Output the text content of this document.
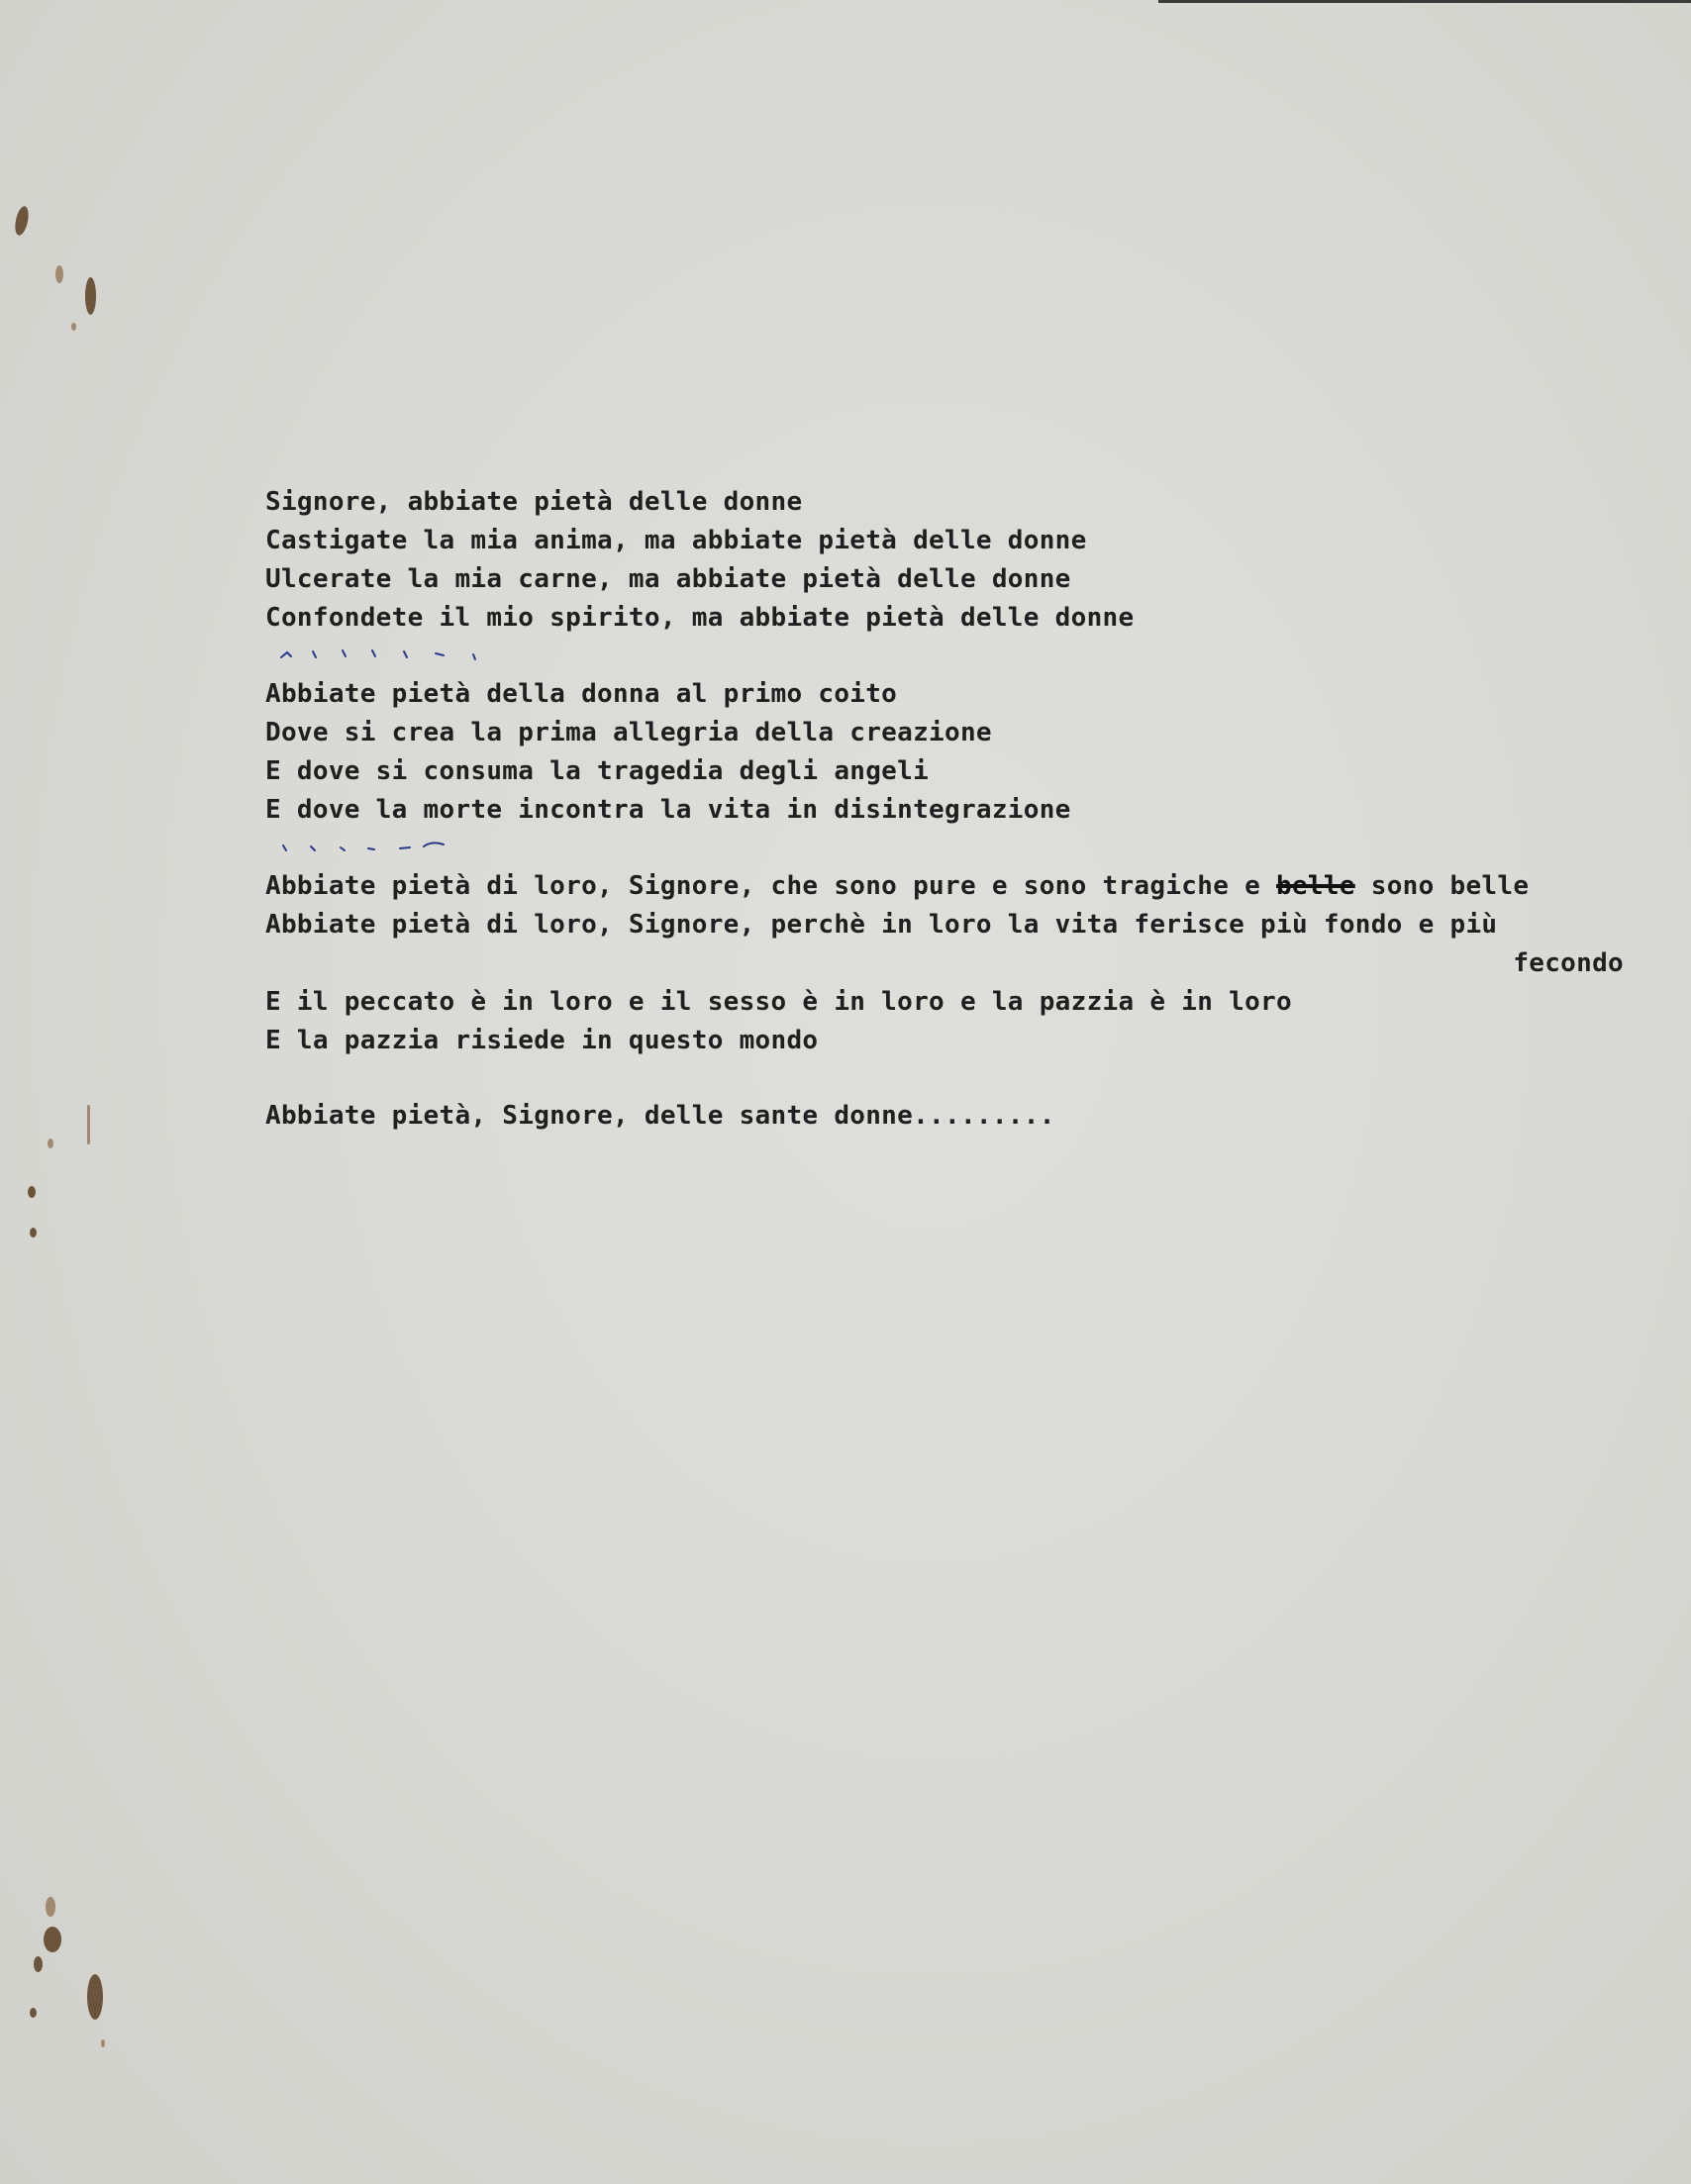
Signore, abbiate pietà delle donne
Castigate la mia anima, ma abbiate pietà delle donne
Ulcerate la mia carne, ma abbiate pietà delle donne
Confondete il mio spirito, ma abbiate pietà delle donne
Abbiate pietà della donna al primo coito
Dove si crea la prima allegria della creazione
E dove si consuma la tragedia degli angeli
E dove la morte incontra la vita in disintegrazione
Abbiate pietà di loro, Signore, che sono pure e sono tragiche e belle sono belle
Abbiate pietà di loro, Signore, perchè in loro la vita ferisce più fondo e più
fecondo
E il peccato è in loro e il sesso è in loro e la pazzia è in loro
E la pazzia risiede in questo mondo
Abbiate pietà, Signore, delle sante donne.........
